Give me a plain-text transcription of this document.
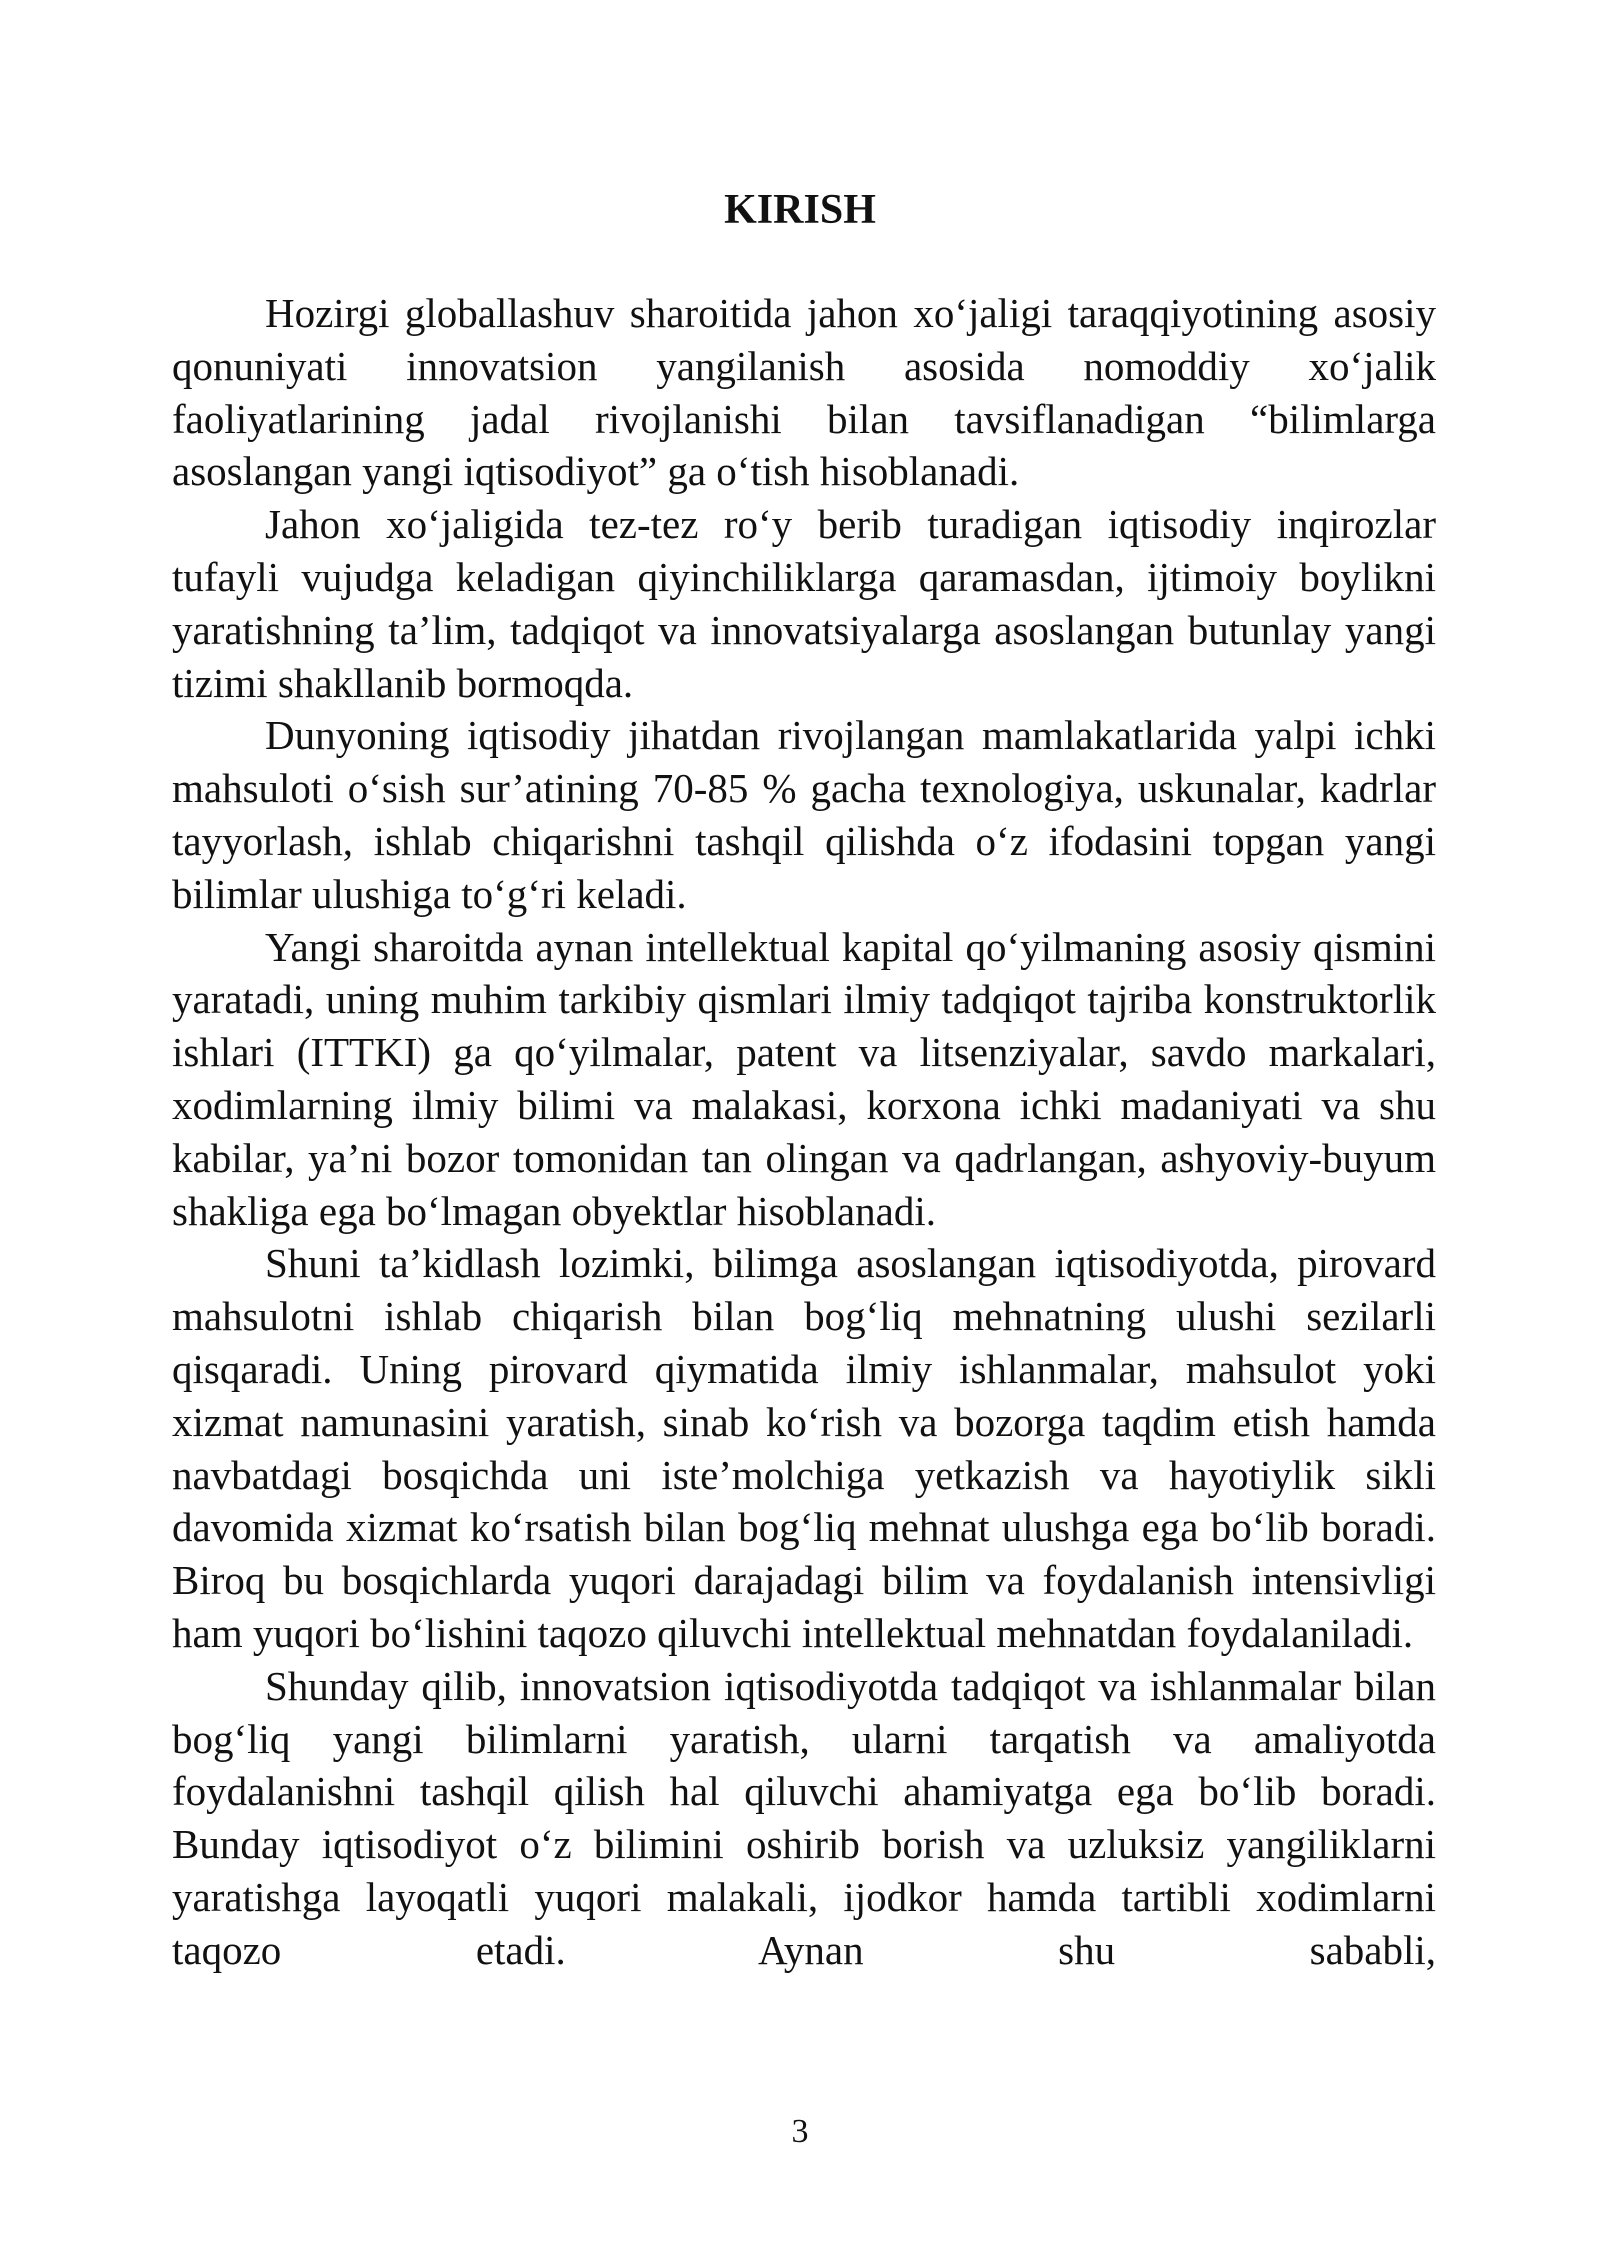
KIRISH

Hozirgi globallashuv sharoitida jahon xo‘jaligi taraqqiyotining asosiy qonuniyati innovatsion yangilanish asosida nomoddiy xo‘jalik faoliyatlarining jadal rivojlanishi bilan tavsiflanadigan “bilimlarga asoslangan yangi iqtisodiyot” ga o‘tish hisoblanadi.

Jahon xo‘jaligida tez-tez ro‘y berib turadigan iqtisodiy inqirozlar tufayli vujudga keladigan qiyinchiliklarga qaramasdan, ijtimoiy boylikni yaratishning ta’lim, tadqiqot va innovatsiyalarga asoslangan butunlay yangi tizimi shakllanib bormoqda.

Dunyoning iqtisodiy jihatdan rivojlangan mamlakatlarida yalpi ichki mahsuloti o‘sish sur’atining 70-85 % gacha texnologiya, uskunalar, kadrlar tayyorlash, ishlab chiqarishni tashqil qilishda o‘z ifodasini topgan yangi bilimlar ulushiga to‘g‘ri keladi.

Yangi sharoitda aynan intellektual kapital qo‘yilmaning asosiy qismini yaratadi, uning muhim tarkibiy qismlari ilmiy tadqiqot tajriba konstruktorlik ishlari (ITTKI) ga qo‘yilmalar, patent va litsenziyalar, savdo markalari, xodimlarning ilmiy bilimi va malakasi, korxona ichki madaniyati va shu kabilar, ya’ni bozor tomonidan tan olingan va qadrlangan, ashyoviy-buyum shakliga ega bo‘lmagan obyektlar hisoblanadi.

Shuni ta’kidlash lozimki, bilimga asoslangan iqtisodiyotda, pirovard mahsulotni ishlab chiqarish bilan bog‘liq mehnatning ulushi sezilarli qisqaradi. Uning pirovard qiymatida ilmiy ishlanmalar, mahsulot yoki xizmat namunasini yaratish, sinab ko‘rish va bozorga taqdim etish hamda navbatdagi bosqichda uni iste’molchiga yetkazish va hayotiylik sikli davomida xizmat ko‘rsatish bilan bog‘liq mehnat ulushga ega bo‘lib boradi. Biroq bu bosqichlarda yuqori darajadagi bilim va foydalanish intensivligi ham yuqori bo‘lishini taqozo qiluvchi intellektual mehnatdan foydalaniladi.

Shunday qilib, innovatsion iqtisodiyotda tadqiqot va ishlanmalar bilan bog‘liq yangi bilimlarni yaratish, ularni tarqatish va amaliyotda foydalanishni tashqil qilish hal qiluvchi ahamiyatga ega bo‘lib boradi. Bunday iqtisodiyot o‘z bilimini oshirib borish va uzluksiz yangiliklarni yaratishga layoqatli yuqori malakali, ijodkor hamda tartibli xodimlarni taqozo etadi. Aynan shu sababli,

3
